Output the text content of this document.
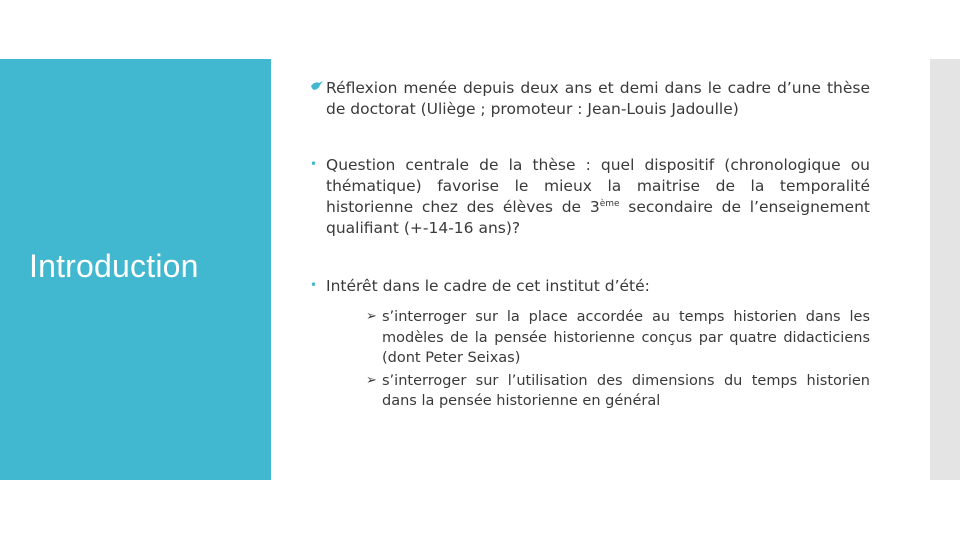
Introduction

Réflexion menée depuis deux ans et demi dans le cadre d’une thèse de doctorat (Uliège ; promoteur : Jean-Louis Jadoulle)

• Question centrale de la thèse : quel dispositif (chronologique ou thématique) favorise le mieux la maitrise de la temporalité historienne chez des élèves de 3ème secondaire de l’enseignement qualifiant (+-14-16 ans)?

• Intérêt dans le cadre de cet institut d’été:

➢ s’interroger sur la place accordée au temps historien dans les modèles de la pensée historienne conçus par quatre didacticiens (dont Peter Seixas)

➢ s’interroger sur l’utilisation des dimensions du temps historien dans la pensée historienne en général
